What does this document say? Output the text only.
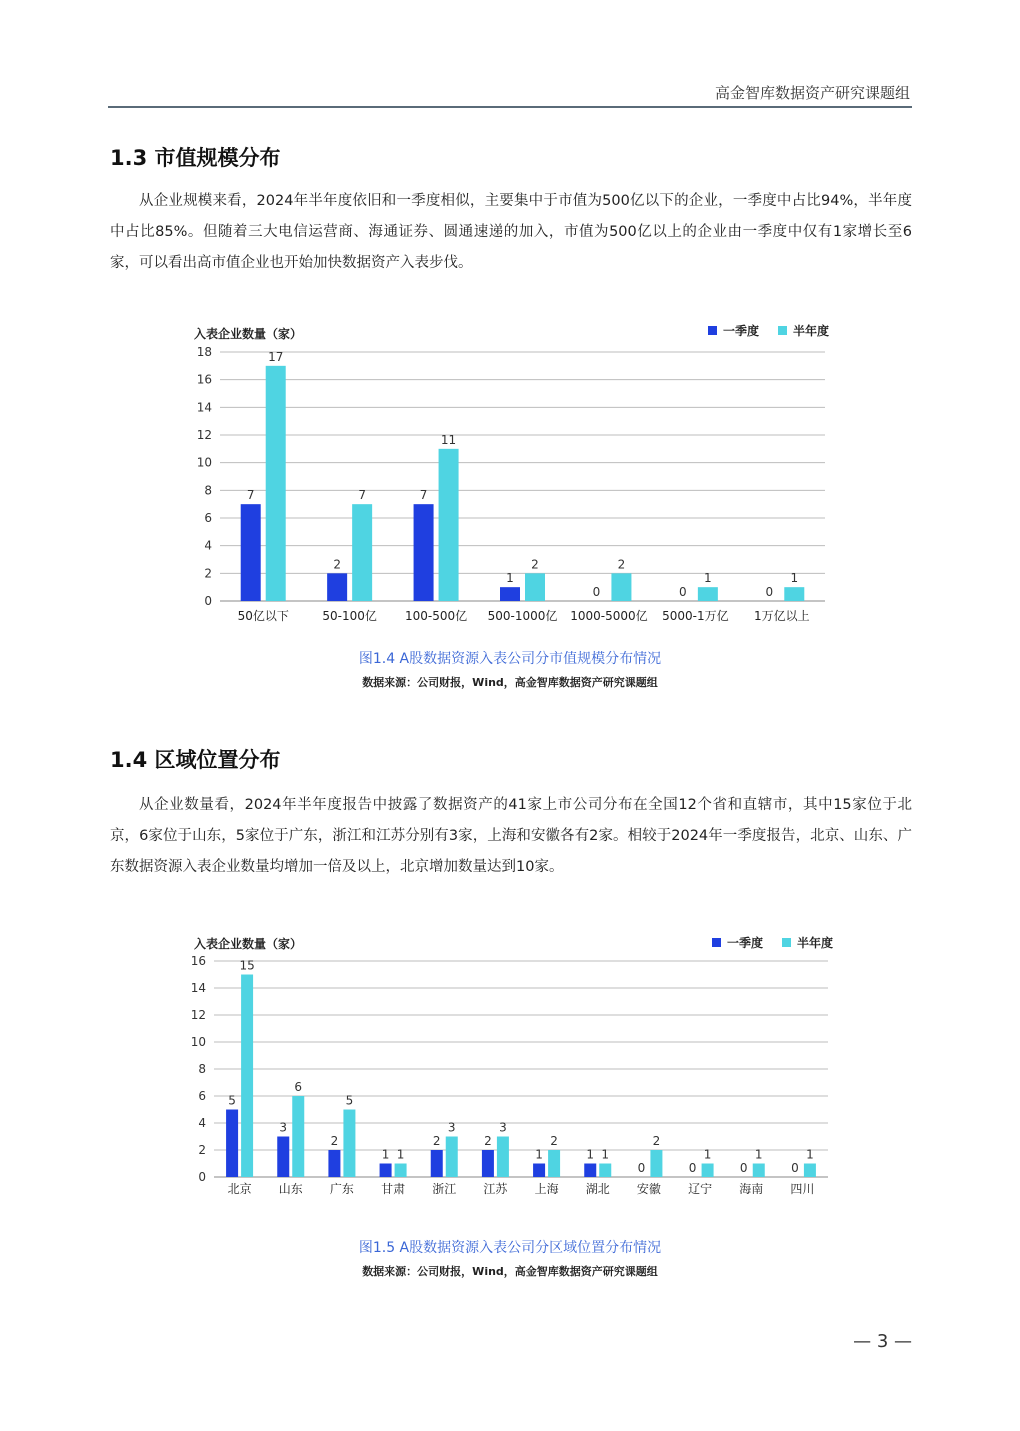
高金智库数据资产研究课题组
1.3 市值规模分布

从企业规模来看，2024年半年度依旧和一季度相似，主要集中于市值为500亿以下的企业，一季度中占比94%，半年度中占比85%。但随着三大电信运营商、海通证券、圆通速递的加入，市值为500亿以上的企业由一季度中仅有1家增长至6家，可以看出高市值企业也开始加快数据资产入表步伐。

0
2
4
6
8
10
12
14
16
18
入表企业数量（家）
50亿以下
7
17
50-100亿
2
7
100-500亿
7
11
500-1000亿
1
2
1000-5000亿
0
2
5000-1万亿
0
1
1万亿以上
0
1
一季度	半年度
图1.4 A股数据资源入表公司分市值规模分布情况
数据来源：公司财报，Wind，高金智库数据资产研究课题组
1.4 区域位置分布

从企业数量看，2024年半年度报告中披露了数据资产的41家上市公司分布在全国12个省和直辖市，其中15家位于北京，6家位于山东，5家位于广东，浙江和江苏分别有3家，上海和安徽各有2家。相较于2024年一季度报告，北京、山东、广东数据资源入表企业数量均增加一倍及以上，北京增加数量达到10家。

0
2
4
6
8
10
12
14
16
入表企业数量（家）
北京
5
15
山东
3
6
广东
2
5
甘肃
1 1
浙江
2
3
江苏
2
3
上海
1
2
湖北
1 1
安徽
0
2
辽宁
0
1
海南
0
1
四川
0
1
一季度	半年度
图1.5 A股数据资源入表公司分区域位置分布情况
数据来源：公司财报，Wind，高金智库数据资产研究课题组
— 3 —
